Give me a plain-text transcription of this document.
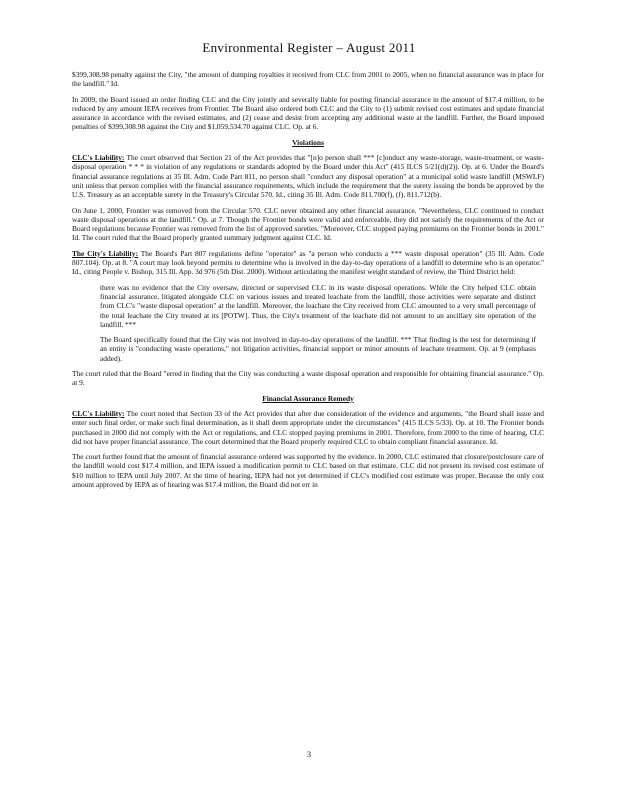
Environmental Register – August 2011

$399,308.98 penalty against the City, "the amount of dumping royalties it received from CLC from 2001 to 2005, when no financial assurance was in place for the landfill." Id.

In 2009, the Board issued an order finding CLC and the City jointly and severally liable for posting financial assurance in the amount of $17.4 million, to be reduced by any amount IEPA receives from Frontier. The Board also ordered both CLC and the City to (1) submit revised cost estimates and update financial assurance in accordance with the revised estimates, and (2) cease and desist from accepting any additional waste at the landfill. Further, the Board imposed penalties of $399,308.98 against the City and $1,059,534.70 against CLC. Op. at 6.

Violations

CLC's Liability: The court observed that Section 21 of the Act provides that "[n]o person shall *** [c]onduct any waste-storage, waste-treatment, or waste-disposal operation * * * in violation of any regulations or standards adopted by the Board under this Act" (415 ILCS 5/21(d)(2)). Op. at 6. Under the Board's financial assurance regulations at 35 Ill. Adm. Code Part 811, no person shall "conduct any disposal operation" at a municipal solid waste landfill (MSWLF) unit unless that person complies with the financial assurance requirements, which include the requirement that the surety issuing the bonds be approved by the U.S. Treasury as an acceptable surety in the Treasury's Circular 570. Id., citing 35 Ill. Adm. Code 811.700(f), (f), 811.712(b).

On June 1, 2000, Frontier was removed from the Circular 570. CLC never obtained any other financial assurance. "Nevertheless, CLC continued to conduct waste disposal operations at the landfill." Op. at 7. Though the Frontier bonds were valid and enforceable, they did not satisfy the requirements of the Act or Board regulations because Frontier was removed from the list of approved sureties. "Moreover, CLC stopped paying premiums on the Frontier bonds in 2001." Id. The court ruled that the Board properly granted summary judgment against CLC. Id.

The City's Liability: The Board's Part 807 regulations define "operator" as "a person who conducts a *** waste disposal operation" (35 Ill. Adm. Code 807.104). Op. at 8. "A court may look beyond permits to determine who is involved in the day-to-day operations of a landfill to determine who is an operator." Id., citing People v. Bishop, 315 Ill. App. 3d 976 (5th Dist. 2000). Without articulating the manifest weight standard of review, the Third District held:

there was no evidence that the City oversaw, directed or supervised CLC in its waste disposal operations. While the City helped CLC obtain financial assurance, litigated alongside CLC on various issues and treated leachate from the landfill, those activities were separate and distinct from CLC's "waste disposal operation" at the landfill. Moreover, the leachate the City received from CLC amounted to a very small percentage of the total leachate the City treated at its [POTW]. Thus, the City's treatment of the leachate did not amount to an ancillary site operation of the landfill. ***

The Board specifically found that the City was not involved in day-to-day operations of the landfill. *** That finding is the test for determining if an entity is "conducting waste operations," not litigation activities, financial support or minor amounts of leachate treatment. Op. at 9 (emphasis added).

The court ruled that the Board "erred in finding that the City was conducting a waste disposal operation and responsible for obtaining financial assurance." Op. at 9.

Financial Assurance Remedy

CLC's Liability: The court noted that Section 33 of the Act provides that after due consideration of the evidence and arguments, "the Board shall issue and enter such final order, or make such final determination, as it shall deem appropriate under the circumstances" (415 ILCS 5/33). Op. at 10. The Frontier bonds purchased in 2000 did not comply with the Act or regulations, and CLC stopped paying premiums in 2001. Therefore, from 2000 to the time of hearing, CLC did not have proper financial assurance. The court determined that the Board properly required CLC to obtain compliant financial assurance. Id.

The court further found that the amount of financial assurance ordered was supported by the evidence. In 2000, CLC estimated that closure/postclosure care of the landfill would cost $17.4 million, and IEPA issued a modification permit to CLC based on that estimate. CLC did not present its revised cost estimate of $10 million to IEPA until July 2007. At the time of hearing, IEPA had not yet determined if CLC's modified cost estimate was proper. Because the only cost amount approved by IEPA as of hearing was $17.4 million, the Board did not err in

3
